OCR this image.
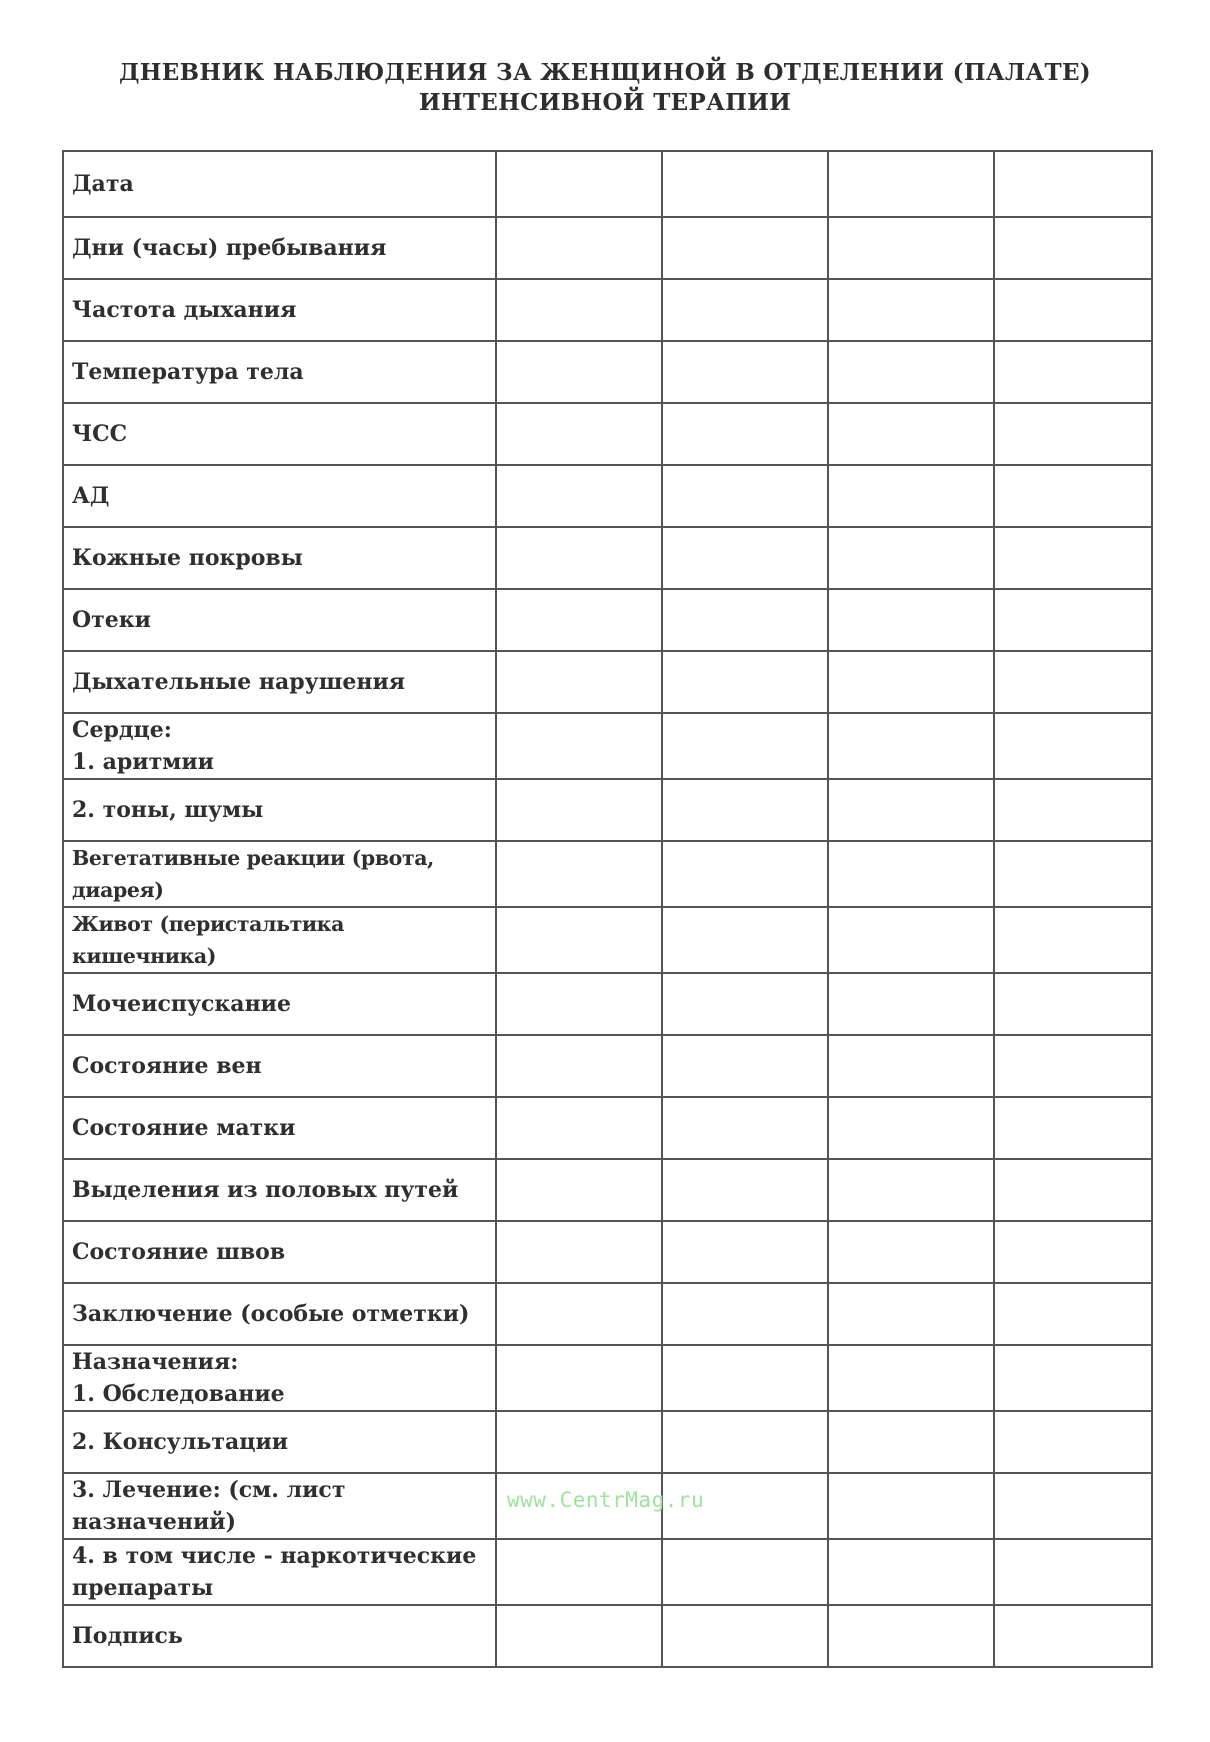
ДНЕВНИК НАБЛЮДЕНИЯ ЗА ЖЕНЩИНОЙ В ОТДЕЛЕНИИ (ПАЛАТЕ)
ИНТЕНСИВНОЙ ТЕРАПИИ
Дата				

Дни (часы) пребывания				

Частота дыхания				

Температура тела				

ЧСС				

АД				

Кожные покровы				

Отеки				

Дыхательные нарушения				

Сердце:
1. аритмии				

2. тоны, шумы				

Вегетативные реакции (рвота, диарея)				

Живот (перистальтика кишечника)				

Мочеиспускание				

Состояние вен				

Состояние матки				

Выделения из половых путей				

Состояние швов				

Заключение (особые отметки)				

Назначения:
1. Обследование				

2. Консультации				

3. Лечение: (см. лист назначений)				

4. в том числе - наркотические
препараты				

Подпись				

www.CentrMag.ru
